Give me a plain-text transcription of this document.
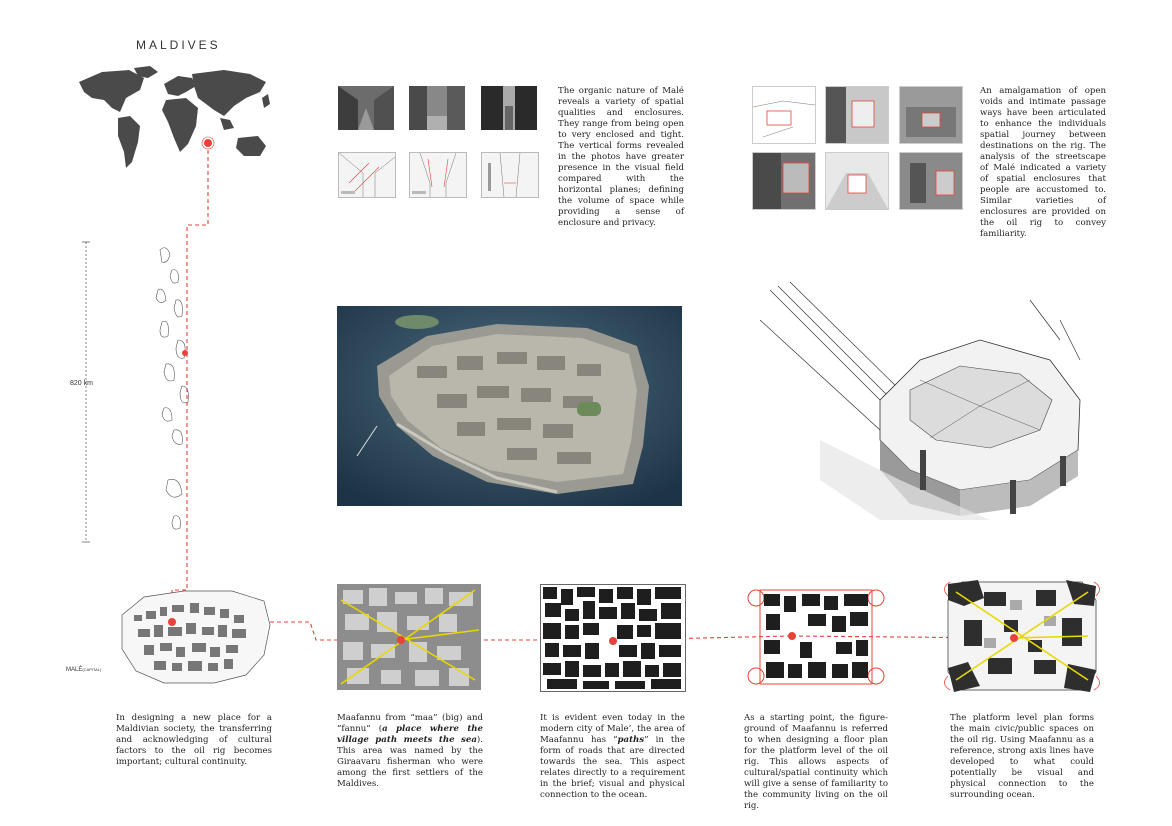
MALDIVES
820 km
MALÉ(CAPITAL)
The organic nature of Malé reveals a variety of spatial qualities and enclosures. They range from being open to very enclosed and tight. The vertical forms revealed in the photos have greater presence in the visual field compared with the horizontal planes; defining the volume of space while providing a sense of enclosure and privacy.
An amalgamation of open voids and intimate passage ways have been articulated to enhance the individuals spatial journey between destinations on the rig. The analysis of the streetscape of Malé indicated a variety of spatial enclosures that people are accustomed to. Similar varieties of enclosures are provided on the oil rig to convey familiarity.
In designing a new place for a Maldivian society, the transferring and acknowledging of cultural factors to the oil rig becomes important; cultural continuity.
Maafannu from “maa” (big) and “fannu” (a place where the village path meets the sea). This area was named by the Giraavaru fisherman who were among the first settlers of the Maldives.
It is evident even today in the modern city of Male’, the area of Maafannu has “paths” in the form of roads that are directed towards the sea. This aspect relates directly to a requirement in the brief; visual and physical connection to the ocean.
As a starting point, the figure-ground of Maafannu is referred to when designing a floor plan for the platform level of the oil rig. This allows aspects of cultural/spatial continuity which will give a sense of familiarity to the community living on the oil rig.
The platform level plan forms the main civic/public spaces on the oil rig. Using Maafannu as a reference, strong axis lines have developed to what could potentially be visual and physical connection to the surrounding ocean.
